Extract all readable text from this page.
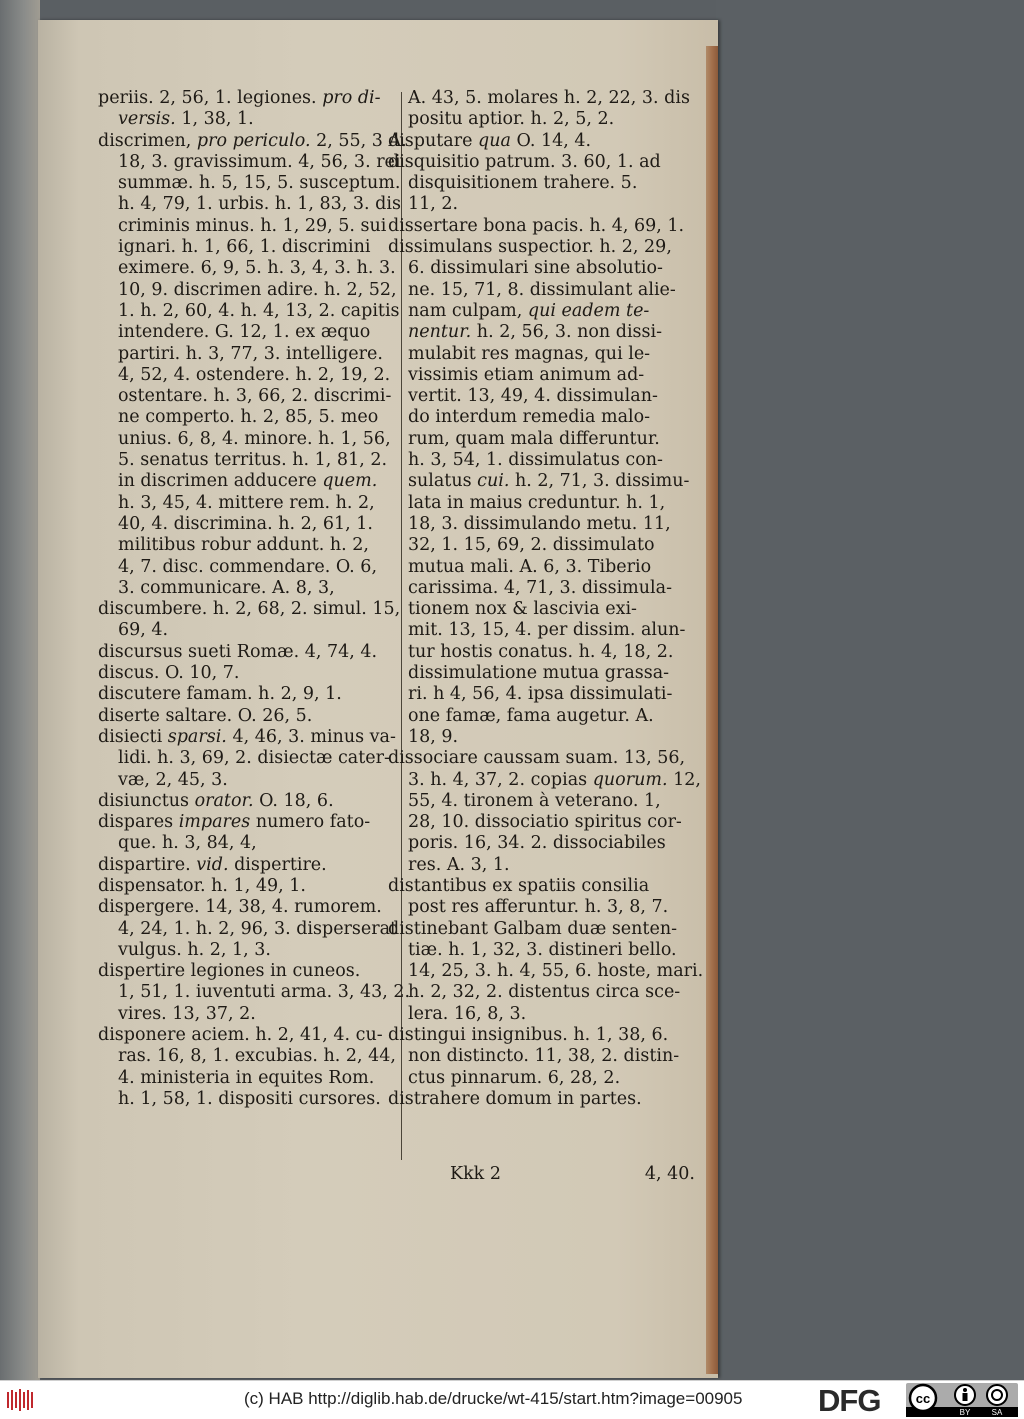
periis. 2, 56, 1. legiones. pro di-
versis. 1, 38, 1.
discrimen, pro periculo. 2, 55, 3 A.
18, 3. gravissimum. 4, 56, 3. rei
summæ. h. 5, 15, 5. susceptum.
h. 4, 79, 1. urbis. h. 1, 83, 3. dis
criminis minus. h. 1, 29, 5. sui
ignari. h. 1, 66, 1. discrimini
eximere. 6, 9, 5. h. 3, 4, 3. h. 3.
10, 9. discrimen adire. h. 2, 52,
1. h. 2, 60, 4. h. 4, 13, 2. capitis
intendere. G. 12, 1. ex æquo
partiri. h. 3, 77, 3. intelligere.
4, 52, 4. ostendere. h. 2, 19, 2.
ostentare. h. 3, 66, 2. discrimi-
ne comperto. h. 2, 85, 5. meo
unius. 6, 8, 4. minore. h. 1, 56,
5. senatus territus. h. 1, 81, 2.
in discrimen adducere quem.
h. 3, 45, 4. mittere rem. h. 2,
40, 4. discrimina. h. 2, 61, 1.
militibus robur addunt. h. 2,
4, 7. disc. commendare. O. 6,
3. communicare. A. 8, 3,
discumbere. h. 2, 68, 2. simul. 15,
69, 4.
discursus sueti Romæ. 4, 74, 4.
discus. O. 10, 7.
discutere famam. h. 2, 9, 1.
diserte saltare. O. 26, 5.
disiecti sparsi. 4, 46, 3. minus va-
lidi. h. 3, 69, 2. disiectæ cater-
væ, 2, 45, 3.
disiunctus orator. O. 18, 6.
dispares impares numero fato-
que. h. 3, 84, 4,
dispartire. vid. dispertire.
dispensator. h. 1, 49, 1.
dispergere. 14, 38, 4. rumorem.
4, 24, 1. h. 2, 96, 3. disperserat
vulgus. h. 2, 1, 3.
dispertire legiones in cuneos.
1, 51, 1. iuventuti arma. 3, 43, 2.
vires. 13, 37, 2.
disponere aciem. h. 2, 41, 4. cu-
ras. 16, 8, 1. excubias. h. 2, 44,
4. ministeria in equites Rom.
h. 1, 58, 1. dispositi cursores.
A. 43, 5. molares h. 2, 22, 3. dis
positu aptior. h. 2, 5, 2.
disputare qua O. 14, 4.
disquisitio patrum. 3. 60, 1. ad
disquisitionem trahere. 5.
11, 2.
dissertare bona pacis. h. 4, 69, 1.
dissimulans suspectior. h. 2, 29,
6. dissimulari sine absolutio-
ne. 15, 71, 8. dissimulant alie-
nam culpam, qui eadem te-
nentur. h. 2, 56, 3. non dissi-
mulabit res magnas, qui le-
vissimis etiam animum ad-
vertit. 13, 49, 4. dissimulan-
do interdum remedia malo-
rum, quam mala differuntur.
h. 3, 54, 1. dissimulatus con-
sulatus cui. h. 2, 71, 3. dissimu-
lata in maius creduntur. h. 1,
18, 3. dissimulando metu. 11,
32, 1. 15, 69, 2. dissimulato
mutua mali. A. 6, 3. Tiberio
carissima. 4, 71, 3. dissimula-
tionem nox & lascivia exi-
mit. 13, 15, 4. per dissim. alun-
tur hostis conatus. h. 4, 18, 2.
dissimulatione mutua grassa-
ri. h 4, 56, 4. ipsa dissimulati-
one famæ, fama augetur. A.
18, 9.
dissociare caussam suam. 13, 56,
3. h. 4, 37, 2. copias quorum. 12,
55, 4. tironem à veterano. 1,
28, 10. dissociatio spiritus cor-
poris. 16, 34. 2. dissociabiles
res. A. 3, 1.
distantibus ex spatiis consilia
post res afferuntur. h. 3, 8, 7.
distinebant Galbam duæ senten-
tiæ. h. 1, 32, 3. distineri bello.
14, 25, 3. h. 4, 55, 6. hoste, mari.
h. 2, 32, 2. distentus circa sce-
lera. 16, 8, 3.
distingui insignibus. h. 1, 38, 6.
non distincto. 11, 38, 2. distin-
ctus pinnarum. 6, 28, 2.
distrahere domum in partes.
Kkk 2	4, 40.
(c) HAB http://diglib.hab.de/drucke/wt-415/start.htm?image=00905 DFG	cc
BY	SA
